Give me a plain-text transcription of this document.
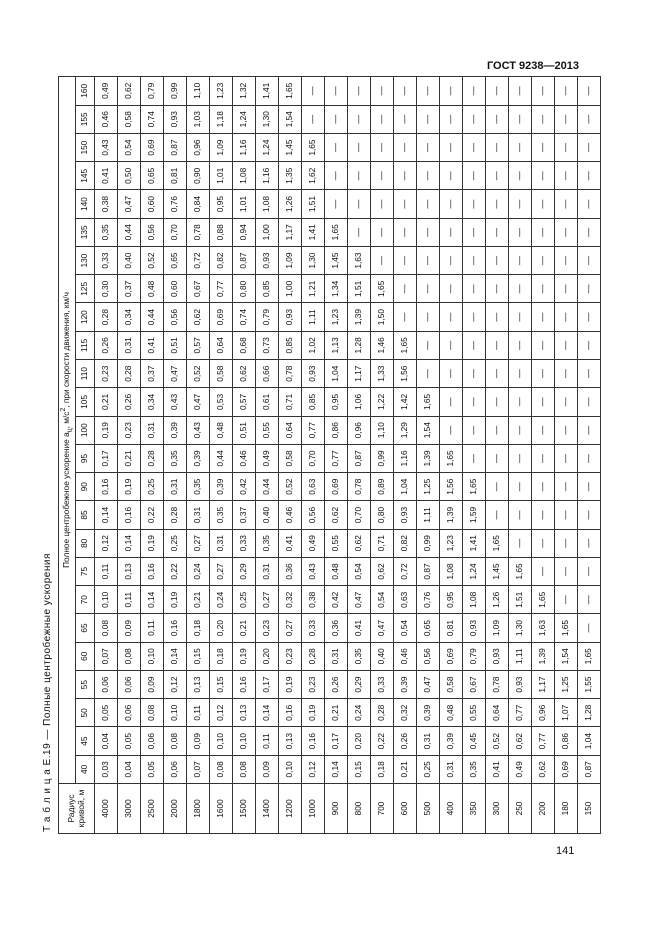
ГОСТ 9238—2013
Т а б л и ц а Е.19 — Полные центробежные ускорения	Радиус кривой, м	Полное центробежное ускорение $a_ц$, $м/с^2$, при скорости движения, км/ч																								
	40	45	50	55	60	65	70	75	80	85	90	95	100	105	110	115	120	125	130	135	140	145	150	155	160
4000	0,03	0,04	0,05	0,06	0,07	0,08	0,10	0,11	0,12	0,14	0,16	0,17	0,19	0,21	0,23	0,26	0,28	0,30	0,33	0,35	0,38	0,41	0,43	0,46	0,49
3000	0,04	0,05	0,06	0,06	0,08	0,09	0,11	0,13	0,14	0,16	0,19	0,21	0,23	0,26	0,28	0,31	0,34	0,37	0,40	0,44	0,47	0,50	0,54	0,58	0,62
2500	0,05	0,06	0,08	0,09	0,10	0,11	0,14	0,16	0,19	0,22	0,25	0,28	0,31	0,34	0,37	0,41	0,44	0,48	0,52	0,56	0,60	0,65	0,69	0,74	0,79
2000	0,06	0,08	0,10	0,12	0,14	0,16	0,19	0,22	0,25	0,28	0,31	0,35	0,39	0,43	0,47	0,51	0,56	0,60	0,65	0,70	0,76	0,81	0,87	0,93	0,99
1800	0,07	0,09	0,11	0,13	0,15	0,18	0,21	0,24	0,27	0,31	0,35	0,39	0,43	0,47	0,52	0,57	0,62	0,67	0,72	0,78	0,84	0,90	0,96	1,03	1,10
1600	0,08	0,10	0,12	0,15	0,18	0,20	0,24	0,27	0,31	0,35	0,39	0,44	0,48	0,53	0,58	0,64	0,69	0,77	0,82	0,88	0,95	1,01	1,09	1,18	1,23
1500	0,08	0,10	0,13	0,16	0,19	0,21	0,25	0,29	0,33	0,37	0,42	0,46	0,51	0,57	0,62	0,68	0,74	0,80	0,87	0,94	1,01	1,08	1,16	1,24	1,32
1400	0,09	0,11	0,14	0,17	0,20	0,23	0,27	0,31	0,35	0,40	0,44	0,49	0,55	0,61	0,66	0,73	0,79	0,85	0,93	1,00	1,08	1,16	1,24	1,30	1,41
1200	0,10	0,13	0,16	0,19	0,23	0,27	0,32	0,36	0,41	0,46	0,52	0,58	0,64	0,71	0,78	0,85	0,93	1,00	1,09	1,17	1,26	1,35	1,45	1,54	1,65
1000	0,12	0,16	0,19	0,23	0,28	0,33	0,38	0,43	0,49	0,56	0,63	0,70	0,77	0,85	0,93	1,02	1,11	1,21	1,30	1,41	1,51	1,62	1,65	—	—
900	0,14	0,17	0,21	0,26	0,31	0,36	0,42	0,48	0,55	0,62	0,69	0,77	0,86	0,95	1,04	1,13	1,23	1,34	1,45	1,65	—	—	—	—	—
800	0,15	0,20	0,24	0,29	0,35	0,41	0,47	0,54	0,62	0,70	0,78	0,87	0,96	1,06	1,17	1,28	1,39	1,51	1,63	—	—	—	—	—	—
700	0,18	0,22	0,28	0,33	0,40	0,47	0,54	0,62	0,71	0,80	0,89	0,99	1,10	1,22	1,33	1,46	1,50	1,65	—	—	—	—	—	—	—
600	0,21	0,26	0,32	0,39	0,46	0,54	0,63	0,72	0,82	0,93	1,04	1,16	1,29	1,42	1,56	1,65	—	—	—	—	—	—	—	—	—
500	0,25	0,31	0,39	0,47	0,56	0,65	0,76	0,87	0,99	1,11	1,25	1,39	1,54	1,65	—	—	—	—	—	—	—	—	—	—	—
400	0,31	0,39	0,48	0,58	0,69	0,81	0,95	1,08	1,23	1,39	1,56	1,65	—	—	—	—	—	—	—	—	—	—	—	—	—
350	0,35	0,45	0,55	0,67	0,79	0,93	1,08	1,24	1,41	1,59	1,65	—	—	—	—	—	—	—	—	—	—	—	—	—	—
300	0,41	0,52	0,64	0,78	0,93	1,09	1,26	1,45	1,65	—	—	—	—	—	—	—	—	—	—	—	—	—	—	—	—
250	0,49	0,62	0,77	0,93	1,11	1,30	1,51	1,65	—	—	—	—	—	—	—	—	—	—	—	—	—	—	—	—	—
200	0,62	0,77	0,96	1,17	1,39	1,63	1,65	—	—	—	—	—	—	—	—	—	—	—	—	—	—	—	—	—	—
180	0,69	0,86	1,07	1,25	1,54	1,65	—	—	—	—	—	—	—	—	—	—	—	—	—	—	—	—	—	—	—
150	0,87	1,04	1,28	1,55	1,65	—	—	—	—	—	—	—	—	—	—	—	—	—	—	—	—	—	—	—	—
141
